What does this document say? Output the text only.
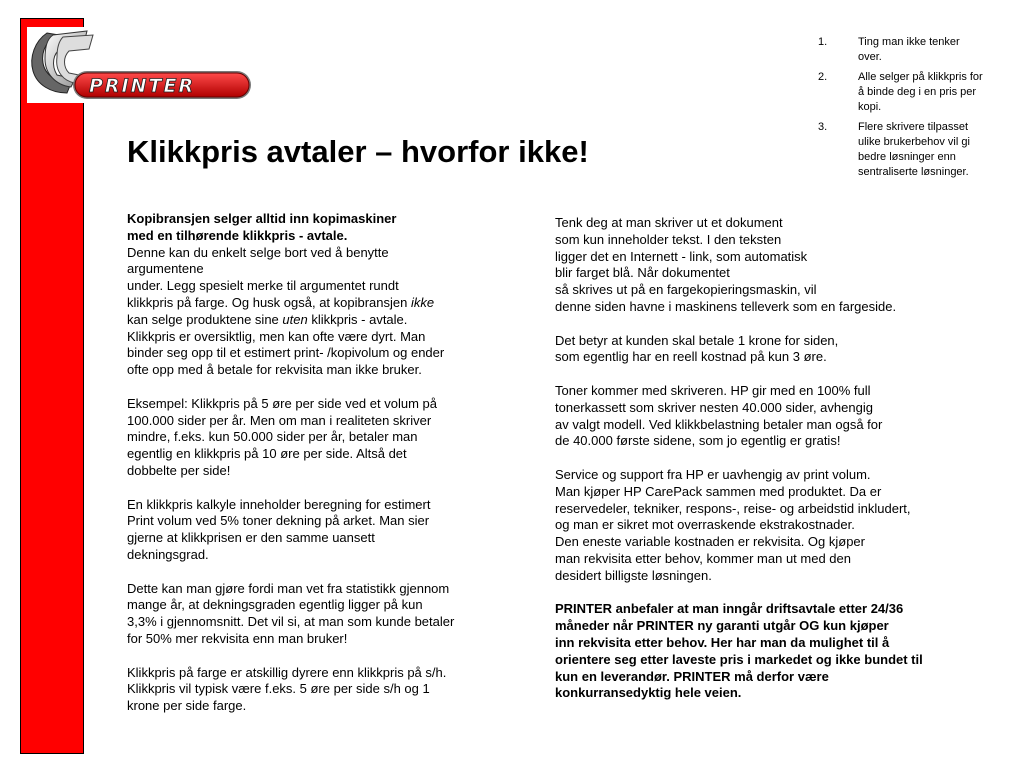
PRINTER
Klikkpris avtaler – hvorfor ikke!
1.	Ting man ikke tenker over.
2.	Alle selger på klikkpris for å binde deg i en pris per kopi.
3.	Flere skrivere tilpasset ulike brukerbehov vil gi bedre løsninger enn sentraliserte løsninger.
Kopibransjen selger alltid inn kopimaskiner
med en tilhørende klikkpris - avtale.

Denne kan du enkelt selge bort ved å benytte
argumentene
under. Legg spesielt merke til argumentet rundt
klikkpris på farge. Og husk også, at kopibransjen ikke
kan selge produktene sine uten klikkpris - avtale.
Klikkpris er oversiktlig, men kan ofte være dyrt. Man
binder seg opp til et estimert print- /kopivolum og ender
ofte opp med å betale for rekvisita man ikke bruker.

Eksempel: Klikkpris på 5 øre per side ved et volum på
100.000 sider per år. Men om man i realiteten skriver
mindre, f.eks. kun 50.000 sider per år, betaler man
egentlig en klikkpris på 10 øre per side. Altså det
dobbelte per side!

En klikkpris kalkyle inneholder beregning for estimert
Print volum ved 5% toner dekning på arket. Man sier
gjerne at klikkprisen er den samme uansett
dekningsgrad.

Dette kan man gjøre fordi man vet fra statistikk gjennom
mange år, at dekningsgraden egentlig ligger på kun
3,3% i gjennomsnitt. Det vil si, at man som kunde betaler
for 50% mer rekvisita enn man bruker!

Klikkpris på farge er atskillig dyrere enn klikkpris på s/h.
Klikkpris vil typisk være f.eks. 5 øre per side s/h og 1
krone per side farge.

Tenk deg at man skriver ut et dokument
som kun inneholder tekst. I den teksten
ligger det en Internett - link, som automatisk
blir farget blå. Når dokumentet
så skrives ut på en fargekopieringsmaskin, vil
denne siden havne i maskinens telleverk som en fargeside.

Det betyr at kunden skal betale 1 krone for siden,
som egentlig har en reell kostnad på kun 3 øre.

Toner kommer med skriveren. HP gir med en 100% full
tonerkassett som skriver nesten 40.000 sider, avhengig
av valgt modell. Ved klikkbelastning betaler man også for
de 40.000 første sidene, som jo egentlig er gratis!

Service og support fra HP er uavhengig av print volum.
Man kjøper HP CarePack sammen med produktet. Da er
reservedeler, tekniker, respons-, reise- og arbeidstid inkludert,
og man er sikret mot overraskende ekstrakostnader.
Den eneste variable kostnaden er rekvisita. Og kjøper
man rekvisita etter behov, kommer man ut med den
desidert billigste løsningen.

PRINTER anbefaler at man inngår driftsavtale etter 24/36
måneder når PRINTER ny garanti utgår OG kun kjøper
inn rekvisita etter behov. Her har man da mulighet til å
orientere seg etter laveste pris i markedet og ikke bundet til
kun en leverandør. PRINTER må derfor være
konkurransedyktig hele veien.
